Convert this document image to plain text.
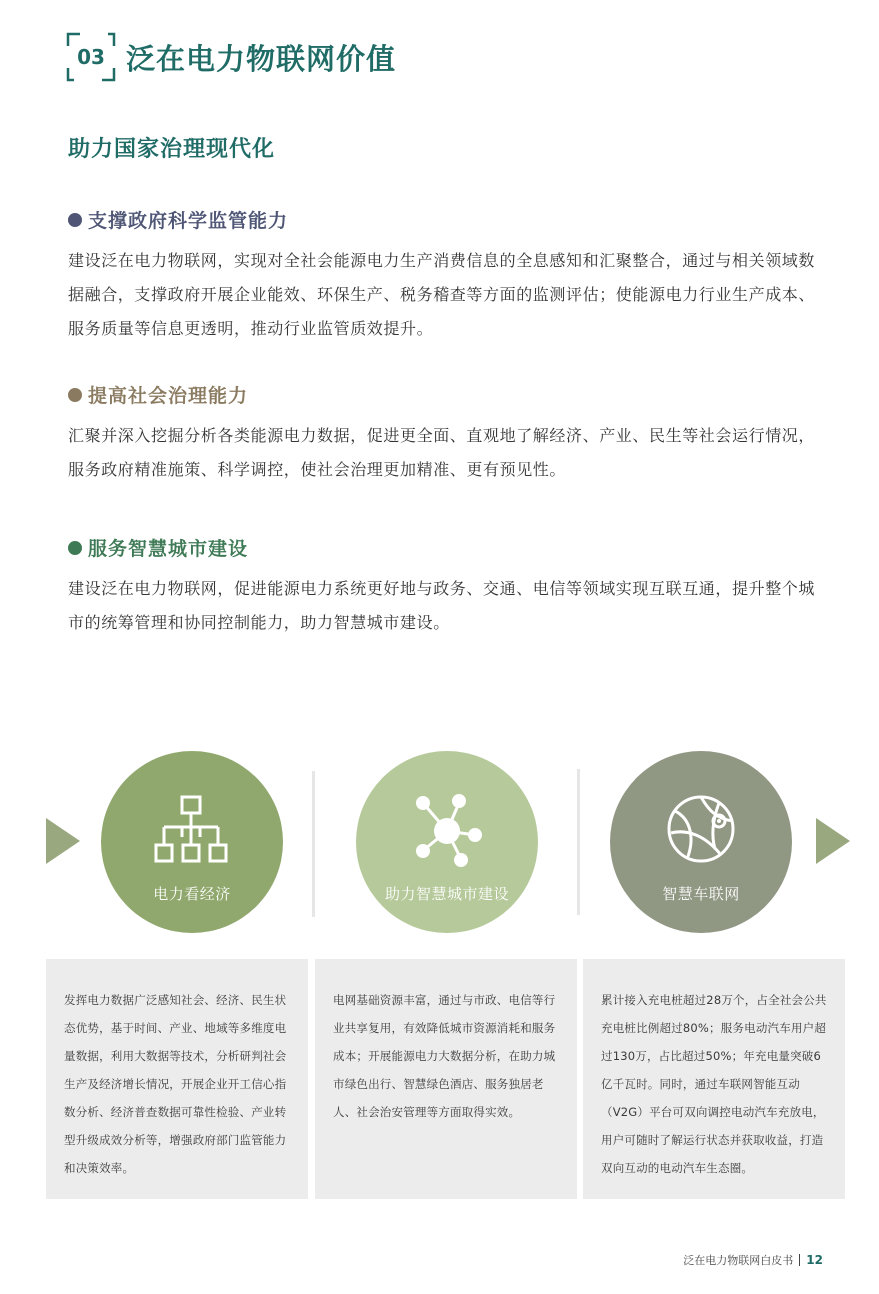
03 泛在电力物联网价值
助力国家治理现代化
支撑政府科学监管能力

建设泛在电力物联网，实现对全社会能源电力生产消费信息的全息感知和汇聚整合，通过与相关领域数据融合，支撑政府开展企业能效、环保生产、税务稽查等方面的监测评估；使能源电力行业生产成本、服务质量等信息更透明，推动行业监管质效提升。

提高社会治理能力

汇聚并深入挖掘分析各类能源电力数据，促进更全面、直观地了解经济、产业、民生等社会运行情况，服务政府精准施策、科学调控，使社会治理更加精准、更有预见性。

服务智慧城市建设

建设泛在电力物联网，促进能源电力系统更好地与政务、交通、电信等领域实现互联互通，提升整个城市的统筹管理和协同控制能力，助力智慧城市建设。

电力看经济	助力智慧城市建设	智慧车联网

发挥电力数据广泛感知社会、经济、民生状态优势，基于时间、产业、地域等多维度电量数据，利用大数据等技术，分析研判社会生产及经济增长情况，开展企业开工信心指数分析、经济普查数据可靠性检验、产业转型升级成效分析等，增强政府部门监管能力和决策效率。

电网基础资源丰富，通过与市政、电信等行业共享复用，有效降低城市资源消耗和服务成本；开展能源电力大数据分析，在助力城市绿色出行、智慧绿色酒店、服务独居老人、社会治安管理等方面取得实效。

累计接入充电桩超过28万个，占全社会公共充电桩比例超过80%；服务电动汽车用户超过130万，占比超过50%；年充电量突破6亿千瓦时。同时，通过车联网智能互动（V2G）平台可双向调控电动汽车充放电，用户可随时了解运行状态并获取收益，打造双向互动的电动汽车生态圈。

泛在电力物联网白皮书 12
